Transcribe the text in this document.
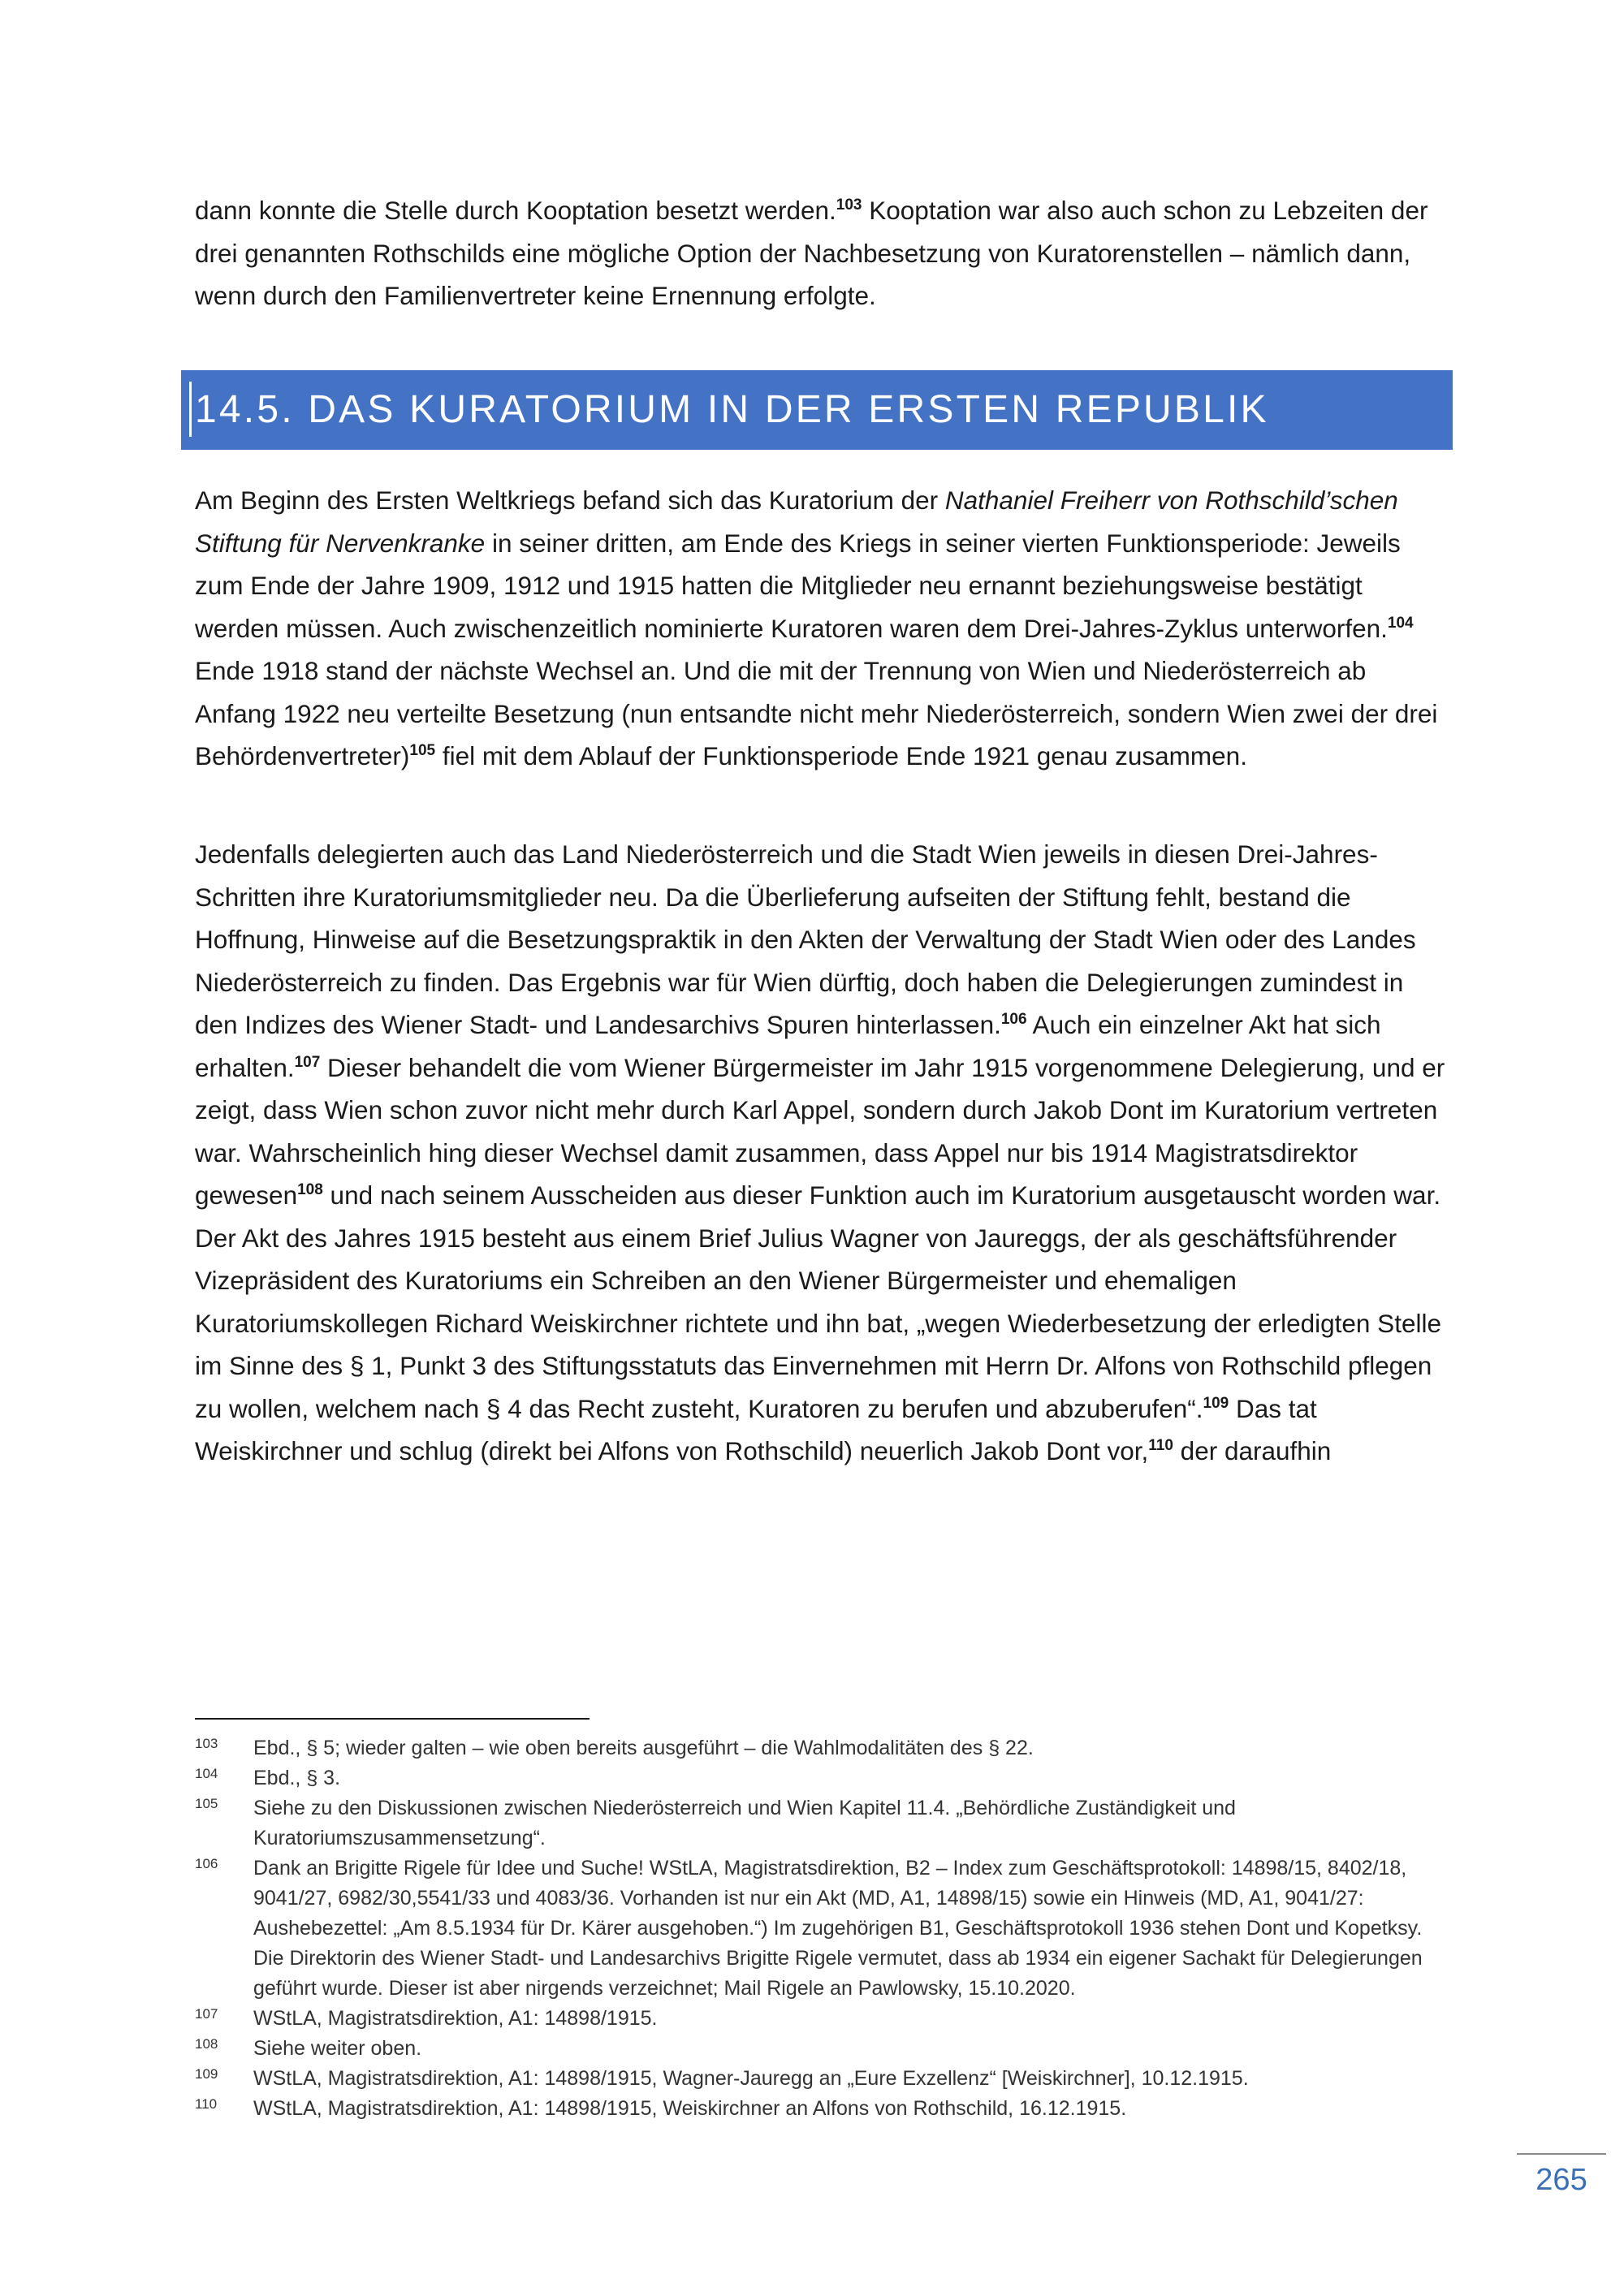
dann konnte die Stelle durch Kooptation besetzt werden.$^{103}$ Kooptation war also auch schon zu Lebzeiten der drei genannten Rothschilds eine mögliche Option der Nachbesetzung von Kuratorenstellen – nämlich dann, wenn durch den Familienvertreter keine Ernennung erfolgte.

14.5. DAS KURATORIUM IN DER ERSTEN REPUBLIK

Am Beginn des Ersten Weltkriegs befand sich das Kuratorium der Nathaniel Freiherr von Rothschild’schen Stiftung für Nervenkranke in seiner dritten, am Ende des Kriegs in seiner vierten Funktionsperiode: Jeweils zum Ende der Jahre 1909, 1912 und 1915 hatten die Mitglieder neu ernannt beziehungsweise bestätigt werden müssen. Auch zwischenzeitlich nominierte Kuratoren waren dem Drei-Jahres-Zyklus unterworfen.$^{104}$ Ende 1918 stand der nächste Wechsel an. Und die mit der Trennung von Wien und Niederösterreich ab Anfang 1922 neu verteilte Besetzung (nun entsandte nicht mehr Niederösterreich, sondern Wien zwei der drei Behördenvertreter)$^{105}$ fiel mit dem Ablauf der Funktionsperiode Ende 1921 genau zusammen.

Jedenfalls delegierten auch das Land Niederösterreich und die Stadt Wien jeweils in diesen Drei-Jahres-Schritten ihre Kuratoriumsmitglieder neu. Da die Überlieferung aufseiten der Stiftung fehlt, bestand die Hoffnung, Hinweise auf die Besetzungspraktik in den Akten der Verwaltung der Stadt Wien oder des Landes Niederösterreich zu finden. Das Ergebnis war für Wien dürftig, doch haben die Delegierungen zumindest in den Indizes des Wiener Stadt- und Landesarchivs Spuren hinterlassen.$^{106}$ Auch ein einzelner Akt hat sich erhalten.$^{107}$ Dieser behandelt die vom Wiener Bürgermeister im Jahr 1915 vorgenommene Delegierung, und er zeigt, dass Wien schon zuvor nicht mehr durch Karl Appel, sondern durch Jakob Dont im Kuratorium vertreten war. Wahrscheinlich hing dieser Wechsel damit zusammen, dass Appel nur bis 1914 Magistratsdirektor gewesen$^{108}$ und nach seinem Ausscheiden aus dieser Funktion auch im Kuratorium ausgetauscht worden war. Der Akt des Jahres 1915 besteht aus einem Brief Julius Wagner von Jaureggs, der als geschäftsführender Vizepräsident des Kuratoriums ein Schreiben an den Wiener Bürgermeister und ehemaligen Kuratoriumskollegen Richard Weiskirchner richtete und ihn bat, „wegen Wiederbesetzung der erledigten Stelle im Sinne des § 1, Punkt 3 des Stiftungsstatuts das Einvernehmen mit Herrn Dr. Alfons von Rothschild pflegen zu wollen, welchem nach § 4 das Recht zusteht, Kuratoren zu berufen und abzuberufen“.$^{109}$ Das tat Weiskirchner und schlug (direkt bei Alfons von Rothschild) neuerlich Jakob Dont vor,$^{110}$ der daraufhin

103	Ebd., § 5; wieder galten – wie oben bereits ausgeführt – die Wahlmodalitäten des § 22.
104	Ebd., § 3.
105	Siehe zu den Diskussionen zwischen Niederösterreich und Wien Kapitel 11.4. „Behördliche Zuständigkeit und Kuratoriumszusammensetzung“.
106	Dank an Brigitte Rigele für Idee und Suche! WStLA, Magistratsdirektion, B2 – Index zum Geschäftsprotokoll: 14898/15, 8402/18, 9041/27, 6982/30,5541/33 und 4083/36. Vorhanden ist nur ein Akt (MD, A1, 14898/15) sowie ein Hinweis (MD, A1, 9041/27: Aushebezettel: „Am 8.5.1934 für Dr. Kärer ausgehoben.“) Im zugehörigen B1, Geschäftsprotokoll 1936 stehen Dont und Kopetksy. Die Direktorin des Wiener Stadt- und Landesarchivs Brigitte Rigele vermutet, dass ab 1934 ein eigener Sachakt für Delegierungen geführt wurde. Dieser ist aber nirgends verzeichnet; Mail Rigele an Pawlowsky, 15.10.2020.
107	WStLA, Magistratsdirektion, A1: 14898/1915.
108	Siehe weiter oben.
109	WStLA, Magistratsdirektion, A1: 14898/1915, Wagner-Jauregg an „Eure Exzellenz“ [Weiskirchner], 10.12.1915.
110	WStLA, Magistratsdirektion, A1: 14898/1915, Weiskirchner an Alfons von Rothschild, 16.12.1915.
265
